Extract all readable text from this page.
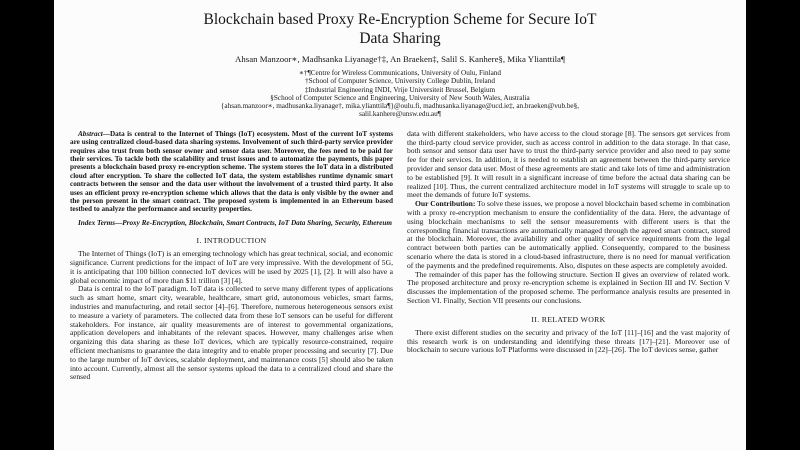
Blockchain based Proxy Re-Encryption Scheme for Secure IoT Data Sharing
Ahsan Manzoor∗, Madhsanka Liyanage†‡, An Braeken‡, Salil S. Kanhere§, Mika Ylianttila¶
∗†¶Centre for Wireless Communications, University of Oulu, Finland
†School of Computer Science, University College Dublin, Ireland
‡Industrial Engineering INDI, Vrije Universiteit Brussel, Belgium
§School of Computer Science and Engineering, University of New South Wales, Australia
{ahsan.manzoor∗, madhusanka.liyanage†, mika.ylianttila¶}@oulu.fi, madhusanka.liyanage@ucd.ie‡, an.braeken@vub.be§,
salil.kanhere@unsw.edu.au¶

Abstract—Data is central to the Internet of Things (IoT) ecosystem. Most of the current IoT systems are using centralized cloud-based data sharing systems. Involvement of such third-party service provider requires also trust from both sensor owner and sensor data user. Moreover, the fees need to be paid for their services. To tackle both the scalability and trust issues and to automatize the payments, this paper presents a blockchain based proxy re-encryption scheme. The system stores the IoT data in a distributed cloud after encryption. To share the collected IoT data, the system establishes runtime dynamic smart contracts between the sensor and the data user without the involvement of a trusted third party. It also uses an efficient proxy re-encryption scheme which allows that the data is only visible by the owner and the person present in the smart contract. The proposed system is implemented in an Ethereum based testbed to analyze the performance and security properties.

Index Terms—Proxy Re-Encryption, Blockchain, Smart Contracts, IoT Data Sharing, Security, Ethereum

I. INTRODUCTION

The Internet of Things (IoT) is an emerging technology which has great technical, social, and economic significance. Current predictions for the impact of IoT are very impressive. With the development of 5G, it is anticipating that 100 billion connected IoT devices will be used by 2025 [1], [2]. It will also have a global economic impact of more than $11 trillion [3] [4].

Data is central to the IoT paradigm. IoT data is collected to serve many different types of applications such as smart home, smart city, wearable, healthcare, smart grid, autonomous vehicles, smart farms, industries and manufacturing, and retail sector [4]–[6]. Therefore, numerous heterogeneous sensors exist to measure a variety of parameters. The collected data from these IoT sensors can be useful for different stakeholders. For instance, air quality measurements are of interest to governmental organizations, application developers and inhabitants of the relevant spaces. However, many challenges arise when organizing this data sharing as these IoT devices, which are typically resource-constrained, require efficient mechanisms to guarantee the data integrity and to enable proper processing and security [7]. Due to the large number of IoT devices, scalable deployment, and maintenance costs [5] should also be taken into account. Currently, almost all the sensor systems upload the data to a centralized cloud and share the sensed

data with different stakeholders, who have access to the cloud storage [8]. The sensors get services from the third-party cloud service provider, such as access control in addition to the data storage. In that case, both sensor and sensor data user have to trust the third-party service provider and also need to pay some fee for their services. In addition, it is needed to establish an agreement between the third-party service provider and sensor data user. Most of these agreements are static and take lots of time and administration to be established [9]. It will result in a significant increase of time before the actual data sharing can be realized [10]. Thus, the current centralized architecture model in IoT systems will struggle to scale up to meet the demands of future IoT systems.

Our Contribution: To solve these issues, we propose a novel blockchain based scheme in combination with a proxy re-encryption mechanism to ensure the confidentiality of the data. Here, the advantage of using blockchain mechanisms to sell the sensor measurements with different users is that the corresponding financial transactions are automatically managed through the agreed smart contract, stored at the blockchain. Moreover, the availability and other quality of service requirements from the legal contract between both parties can be automatically applied. Consequently, compared to the business scenario where the data is stored in a cloud-based infrastructure, there is no need for manual verification of the payments and the predefined requirements. Also, disputes on these aspects are completely avoided.

The remainder of this paper has the following structure. Section II gives an overview of related work. The proposed architecture and proxy re-encryption scheme is explained in Section III and IV. Section V discusses the implementation of the proposed scheme. The performance analysis results are presented in Section VI. Finally, Section VII presents our conclusions.

II. RELATED WORK

There exist different studies on the security and privacy of the IoT [11]–[16] and the vast majority of this research work is on understanding and identifying these threats [17]–[21]. Moreover use of blockchain to secure various IoT Platforms were discussed in [22]–[26]. The IoT devices sense, gather
